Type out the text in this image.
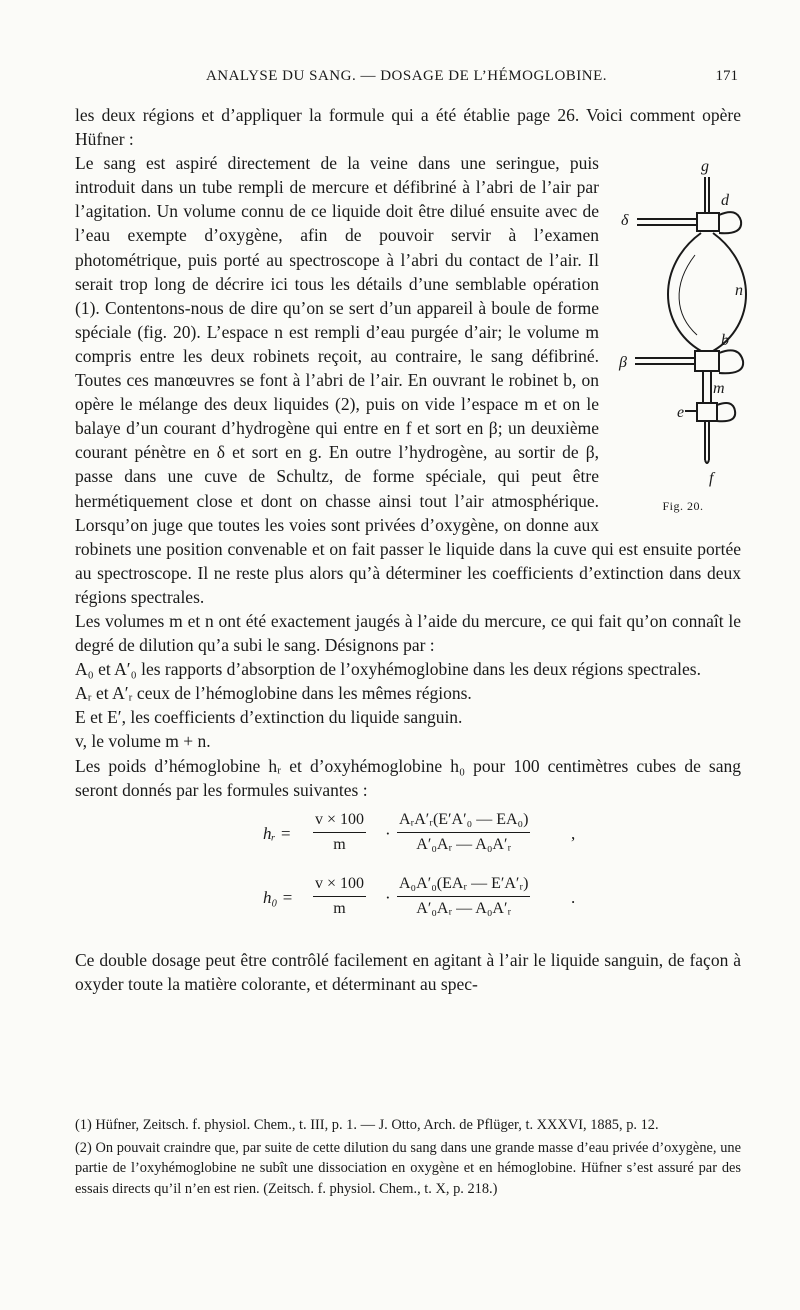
ANALYSE DU SANG. — DOSAGE DE L’HÉMOGLOBINE.	171

les deux régions et d’appliquer la formule qui a été établie page 26. Voici comment opère Hüfner :

g
d
δ
n
b
β
m
e
f
Fig. 20.

Le sang est aspiré directement de la veine dans une seringue, puis introduit dans un tube rempli de mercure et défibriné à l’abri de l’air par l’agitation. Un volume connu de ce liquide doit être dilué ensuite avec de l’eau exempte d’oxygène, afin de pouvoir servir à l’examen photométrique, puis porté au spectroscope à l’abri du contact de l’air. Il serait trop long de décrire ici tous les détails d’une semblable opération (1). Contentons-nous de dire qu’on se sert d’un appareil à boule de forme spéciale (fig. 20). L’espace n est rempli d’eau purgée d’air; le volume m compris entre les deux robinets reçoit, au contraire, le sang défibriné. Toutes ces manœuvres se font à l’abri de l’air. En ouvrant le robinet b, on opère le mélange des deux liquides (2), puis on vide l’espace m et on le balaye d’un courant d’hydrogène qui entre en f et sort en β; un deuxième courant pénètre en δ et sort en g. En outre l’hydrogène, au sortir de β, passe dans une cuve de Schultz, de forme spéciale, qui peut être hermétiquement close et dont on chasse ainsi tout l’air atmosphérique. Lorsqu’on juge que toutes les voies sont privées d’oxygène, on donne aux robinets une position convenable et on fait passer le liquide dans la cuve qui est ensuite portée au spectroscope. Il ne reste plus alors qu’à déterminer les coefficients d’extinction dans deux régions spectrales.

Les volumes m et n ont été exactement jaugés à l’aide du mercure, ce qui fait qu’on connaît le degré de dilution qu’a subi le sang. Désignons par :

A₀ et A′₀ les rapports d’absorption de l’oxyhémoglobine dans les deux régions spectrales.

Aᵣ et A′ᵣ ceux de l’hémoglobine dans les mêmes régions.

E et E′, les coefficients d’extinction du liquide sanguin.

v, le volume m + n.

Les poids d’hémoglobine hᵣ et d’oxyhémoglobine h₀ pour 100 centimètres cubes de sang seront donnés par les formules suivantes :

hᵣ = $\frac{v \times 100}{m}$ ·
AᵣA′ᵣ(E′A′₀ — EA₀)
A′₀Aᵣ — A₀A′ᵣ
,
$h_0 = \frac{v \times 100}{m}$ ·
A₀A′₀(EAᵣ — E′A′ᵣ)
A′₀Aᵣ — A₀A′ᵣ
.

Ce double dosage peut être contrôlé facilement en agitant à l’air le liquide sanguin, de façon à oxyder toute la matière colorante, et déterminant au spec-

(1) Hüfner, Zeitsch. f. physiol. Chem., t. III, p. 1. — J. Otto, Arch. de Pflüger, t. XXXVI, 1885, p. 12.

(2) On pouvait craindre que, par suite de cette dilution du sang dans une grande masse d’eau privée d’oxygène, une partie de l’oxyhémoglobine ne subît une dissociation en oxygène et en hémoglobine. Hüfner s’est assuré par des essais directs qu’il n’en est rien. (Zeitsch. f. physiol. Chem., t. X, p. 218.)
